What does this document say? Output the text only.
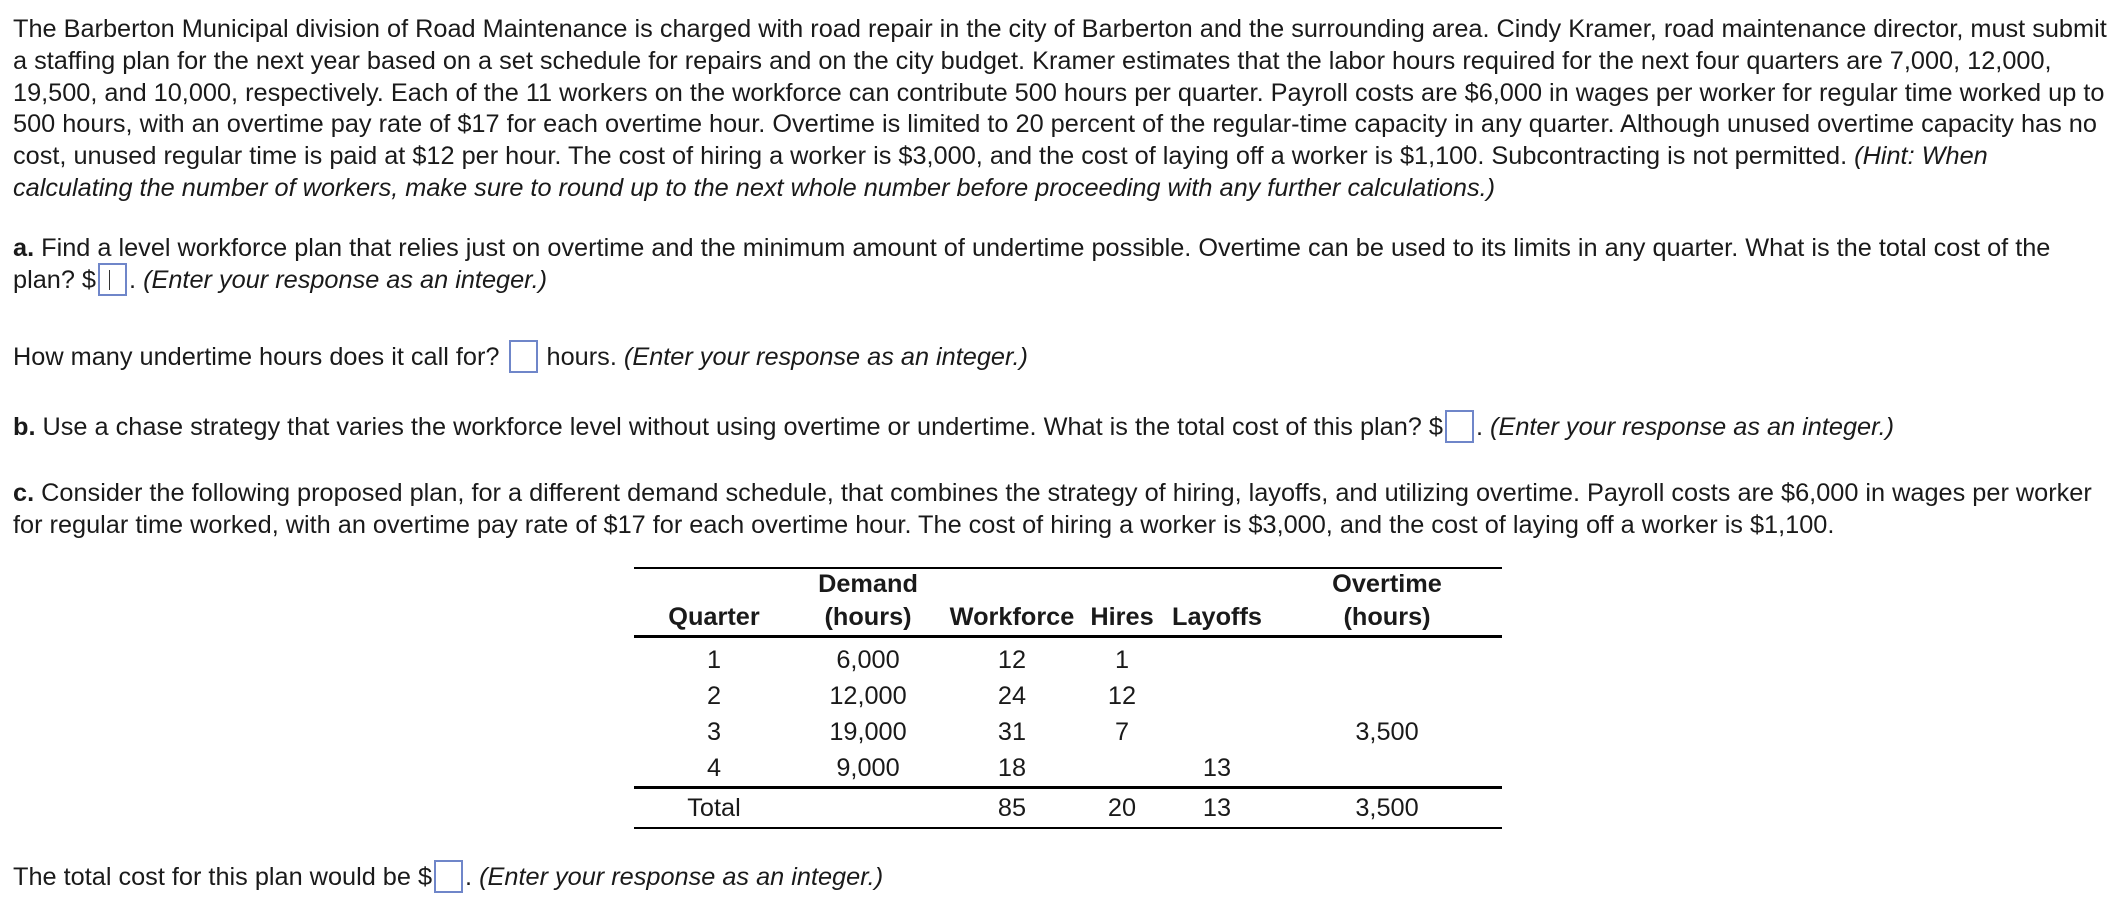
The Barberton Municipal division of Road Maintenance is charged with road repair in the city of Barberton and the surrounding area. Cindy Kramer, road maintenance director, must submit a staffing plan for the next year based on a set schedule for repairs and on the city budget. Kramer estimates that the labor hours required for the next four quarters are 7,000, 12,000, 19,500, and 10,000, respectively. Each of the 11 workers on the workforce can contribute 500 hours per quarter. Payroll costs are $6,000 in wages per worker for regular time worked up to 500 hours, with an overtime pay rate of $17 for each overtime hour. Overtime is limited to 20 percent of the regular-time capacity in any quarter. Although unused overtime capacity has no cost, unused regular time is paid at $12 per hour. The cost of hiring a worker is $3,000, and the cost of laying off a worker is $1,100. Subcontracting is not permitted. (Hint: When calculating the number of workers, make sure to round up to the next whole number before proceeding with any further calculations.)
a. Find a level workforce plan that relies just on overtime and the minimum amount of undertime possible. Overtime can be used to its limits in any quarter. What is the total cost of the plan? $ . (Enter your response as an integer.)
How many undertime hours does it call for? hours. (Enter your response as an integer.)
b. Use a chase strategy that varies the workforce level without using overtime or undertime. What is the total cost of this plan? $ . (Enter your response as an integer.)
c. Consider the following proposed plan, for a different demand schedule, that combines the strategy of hiring, layoffs, and utilizing overtime. Payroll costs are $6,000 in wages per worker for regular time worked, with an overtime pay rate of $17 for each overtime hour. The cost of hiring a worker is $3,000, and the cost of laying off a worker is $1,100.
	Demand				Overtime
Quarter	(hours)	Workforce	Hires	Layoffs	(hours)
1	6,000	12	1		
2	12,000	24	12		
3	19,000	31	7		3,500
4	9,000	18		13	
Total		85	20	13	3,500
The total cost for this plan would be $ . (Enter your response as an integer.)
